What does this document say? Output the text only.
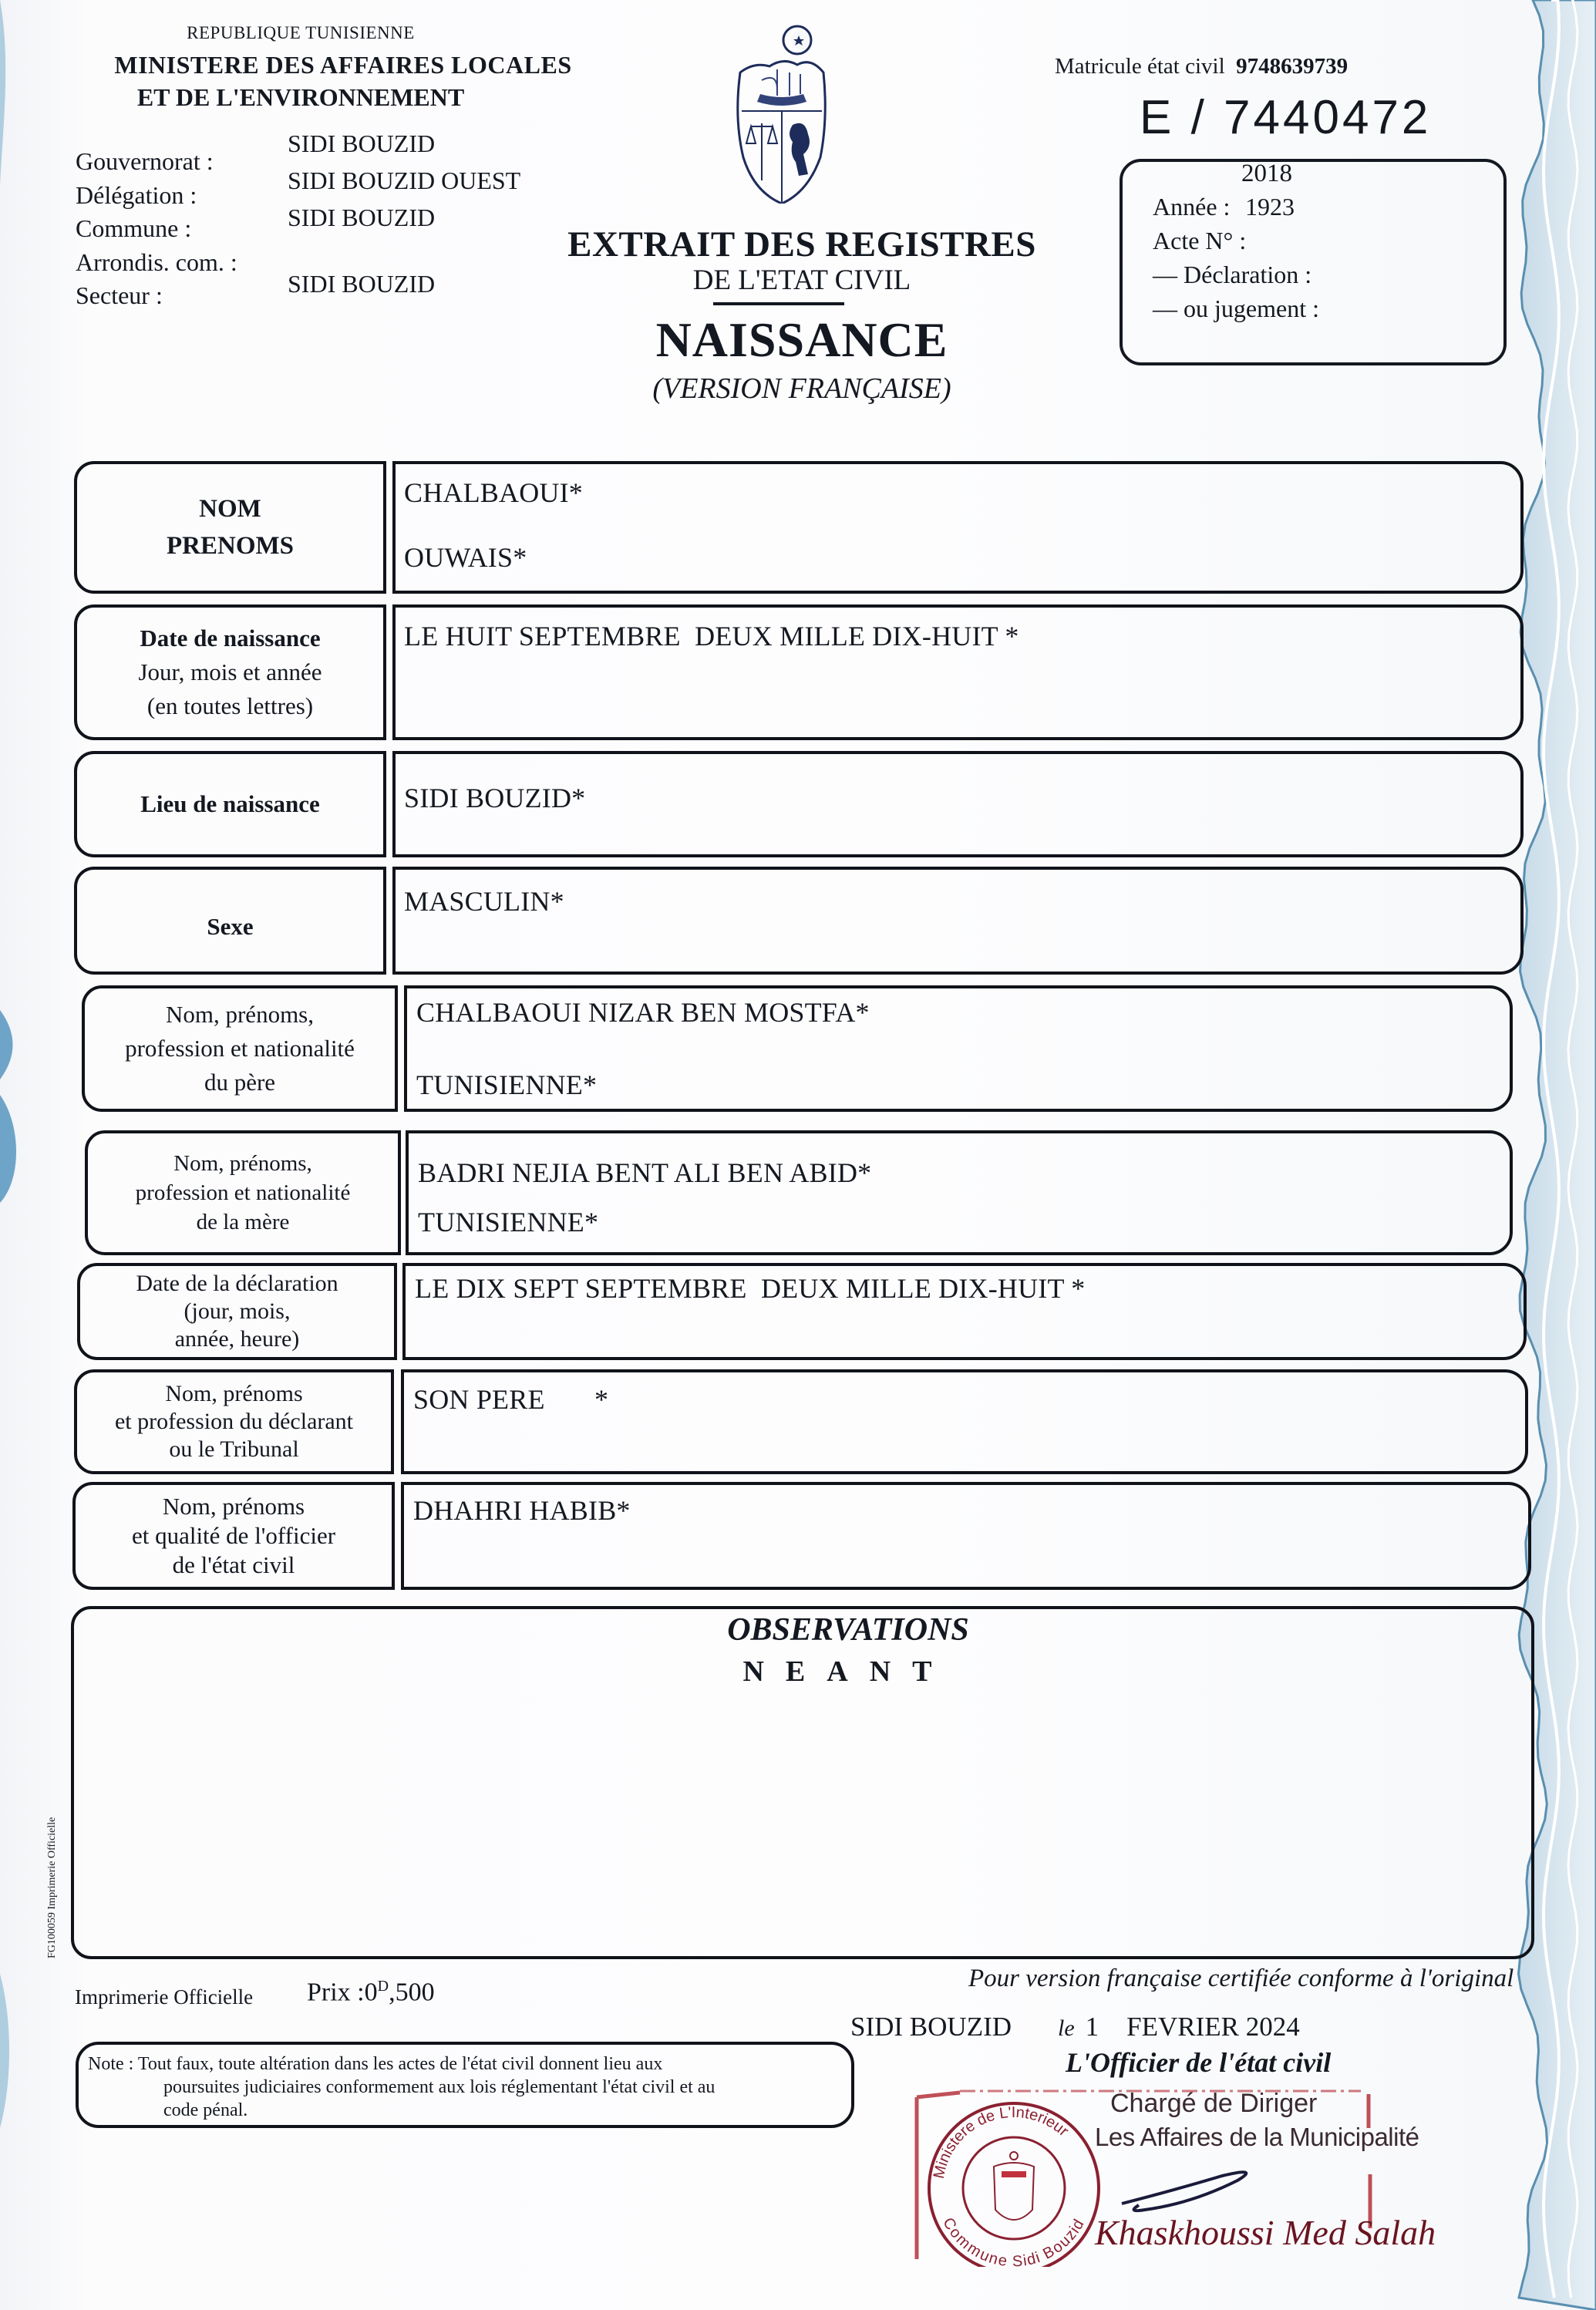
REPUBLIQUE TUNISIENNE
MINISTERE DES AFFAIRES LOCALES
ET DE L'ENVIRONNEMENT
Gouvernorat :
Délégation :
Commune :
Arrondis. com. :
Secteur :
SIDI BOUZID
SIDI BOUZID OUEST
SIDI BOUZID
SIDI BOUZID
EXTRAIT DES REGISTRES
DE L'ETAT CIVIL
NAISSANCE
(VERSION FRANÇAISE)
Matricule état civil 9748639739
E / 7440472
2018
Année : 1923
Acte N° :
— Déclaration :
— ou jugement :
NOM
PRENOMS
CHALBAOUI*
OUWAIS*
Date de naissance
Jour, mois et année
(en toutes lettres)
LE HUIT SEPTEMBRE  DEUX MILLE DIX-HUIT *
Lieu de naissance	SIDI BOUZID*
Sexe
MASCULIN*
Nom, prénoms,
profession et nationalité
du père
CHALBAOUI NIZAR BEN MOSTFA*
TUNISIENNE*
Nom, prénoms,
profession et nationalité
de la mère
BADRI NEJIA BENT ALI BEN ABID*
TUNISIENNE*
Date de la déclaration
(jour, mois,
année, heure)
LE DIX SEPT SEPTEMBRE  DEUX MILLE DIX-HUIT *
Nom, prénoms
et profession du déclarant
ou le Tribunal
SON PERE       *
Nom, prénoms
et qualité de l'officier
de l'état civil
DHAHRI HABIB*
OBSERVATIONS
NEANT
FG100059 Imprimerie Officielle
Imprimerie Officielle Prix $:0^D,500$
Note : Tout faux, toute altération dans les actes de l'état civil donnent lieu aux
poursuites judiciaires conformement aux lois réglementant l'état civil et au
code pénal.
Pour version française certifiée conforme à l'original
SIDI BOUZID le 1 FEVRIER 2024
L'Officier de l'état civil
Ministere de L'Interieur
Commune Sidi Bouzid
Chargé de Diriger
Les Affaires de la Municipalité
Khaskhoussi Med Salah
